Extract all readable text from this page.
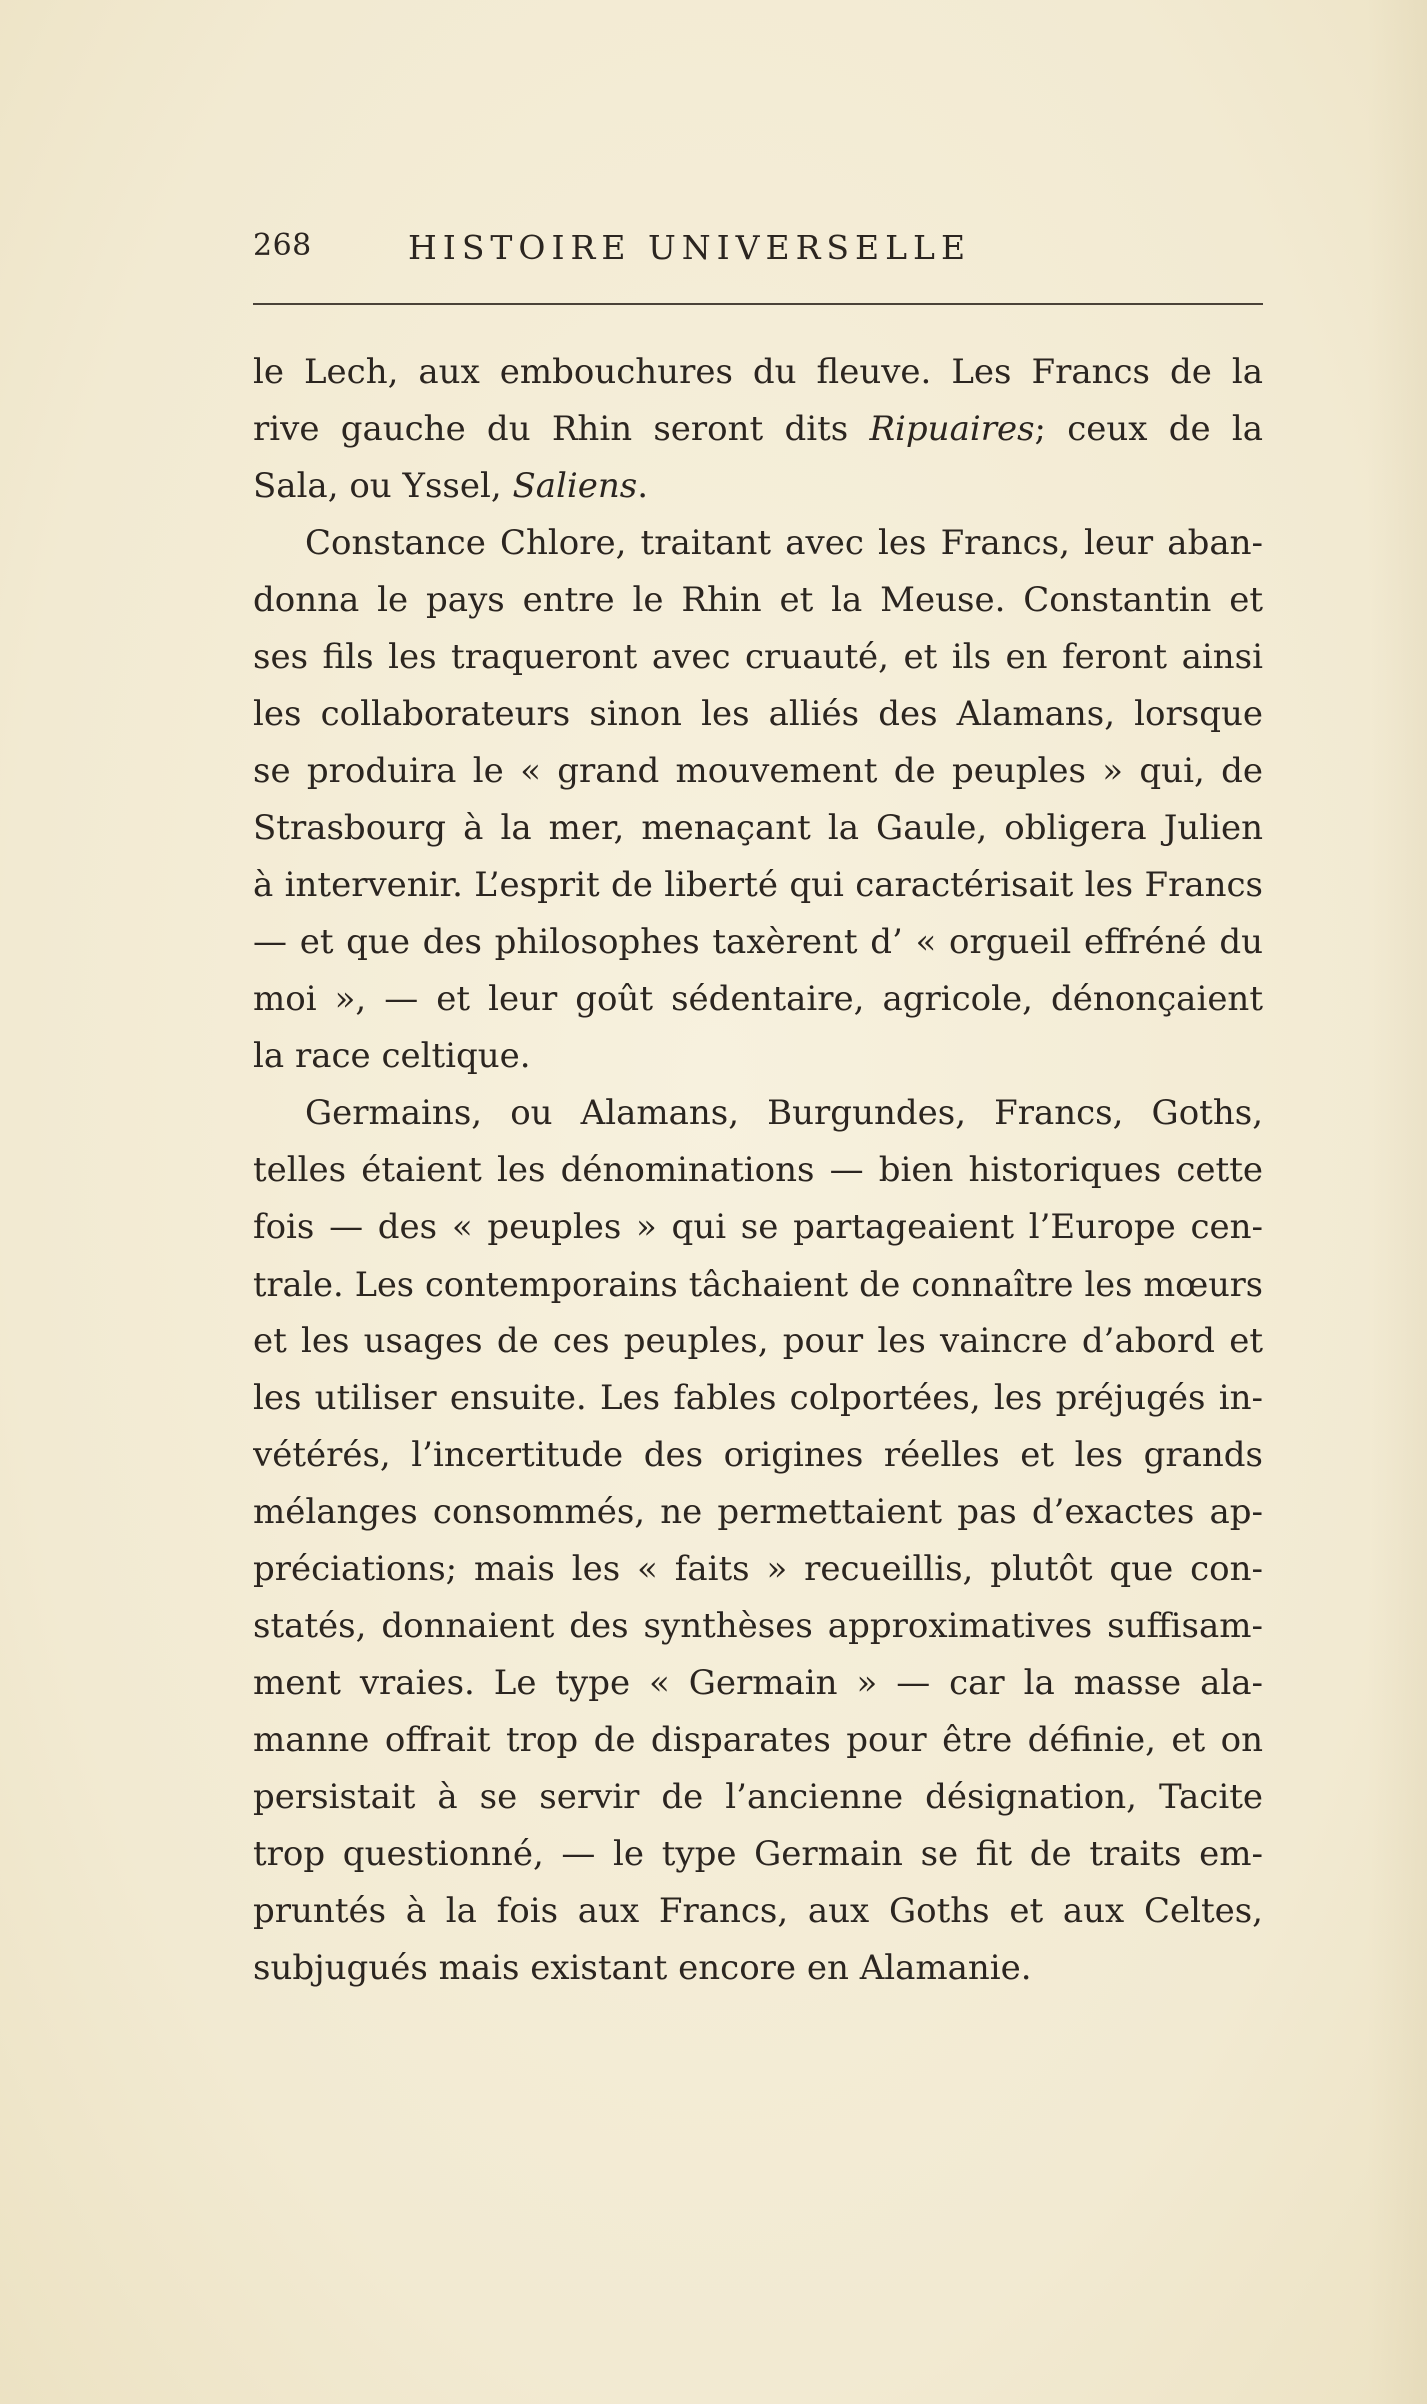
268	HISTOIRE UNIVERSELLE
le Lech, aux embouchures du fleuve. Les Francs de la
rive gauche du Rhin seront dits Ripuaires; ceux de la
Sala, ou Yssel, Saliens.
Constance Chlore, traitant avec les Francs, leur aban-
donna le pays entre le Rhin et la Meuse. Constantin et
ses fils les traqueront avec cruauté, et ils en feront ainsi
les collaborateurs sinon les alliés des Alamans, lorsque
se produira le « grand mouvement de peuples » qui, de
Strasbourg à la mer, menaçant la Gaule, obligera Julien
à intervenir. L’esprit de liberté qui caractérisait les Francs
— et que des philosophes taxèrent d’ « orgueil effréné du
moi », — et leur goût sédentaire, agricole, dénonçaient
la race celtique.
Germains, ou Alamans, Burgundes, Francs, Goths,
telles étaient les dénominations — bien historiques cette
fois — des « peuples » qui se partageaient l’Europe cen-
trale. Les contemporains tâchaient de connaître les mœurs
et les usages de ces peuples, pour les vaincre d’abord et
les utiliser ensuite. Les fables colportées, les préjugés in-
vétérés, l’incertitude des origines réelles et les grands
mélanges consommés, ne permettaient pas d’exactes ap-
préciations; mais les « faits » recueillis, plutôt que con-
statés, donnaient des synthèses approximatives suffisam-
ment vraies. Le type « Germain » — car la masse ala-
manne offrait trop de disparates pour être définie, et on
persistait à se servir de l’ancienne désignation, Tacite
trop questionné, — le type Germain se fit de traits em-
pruntés à la fois aux Francs, aux Goths et aux Celtes,
subjugués mais existant encore en Alamanie.
